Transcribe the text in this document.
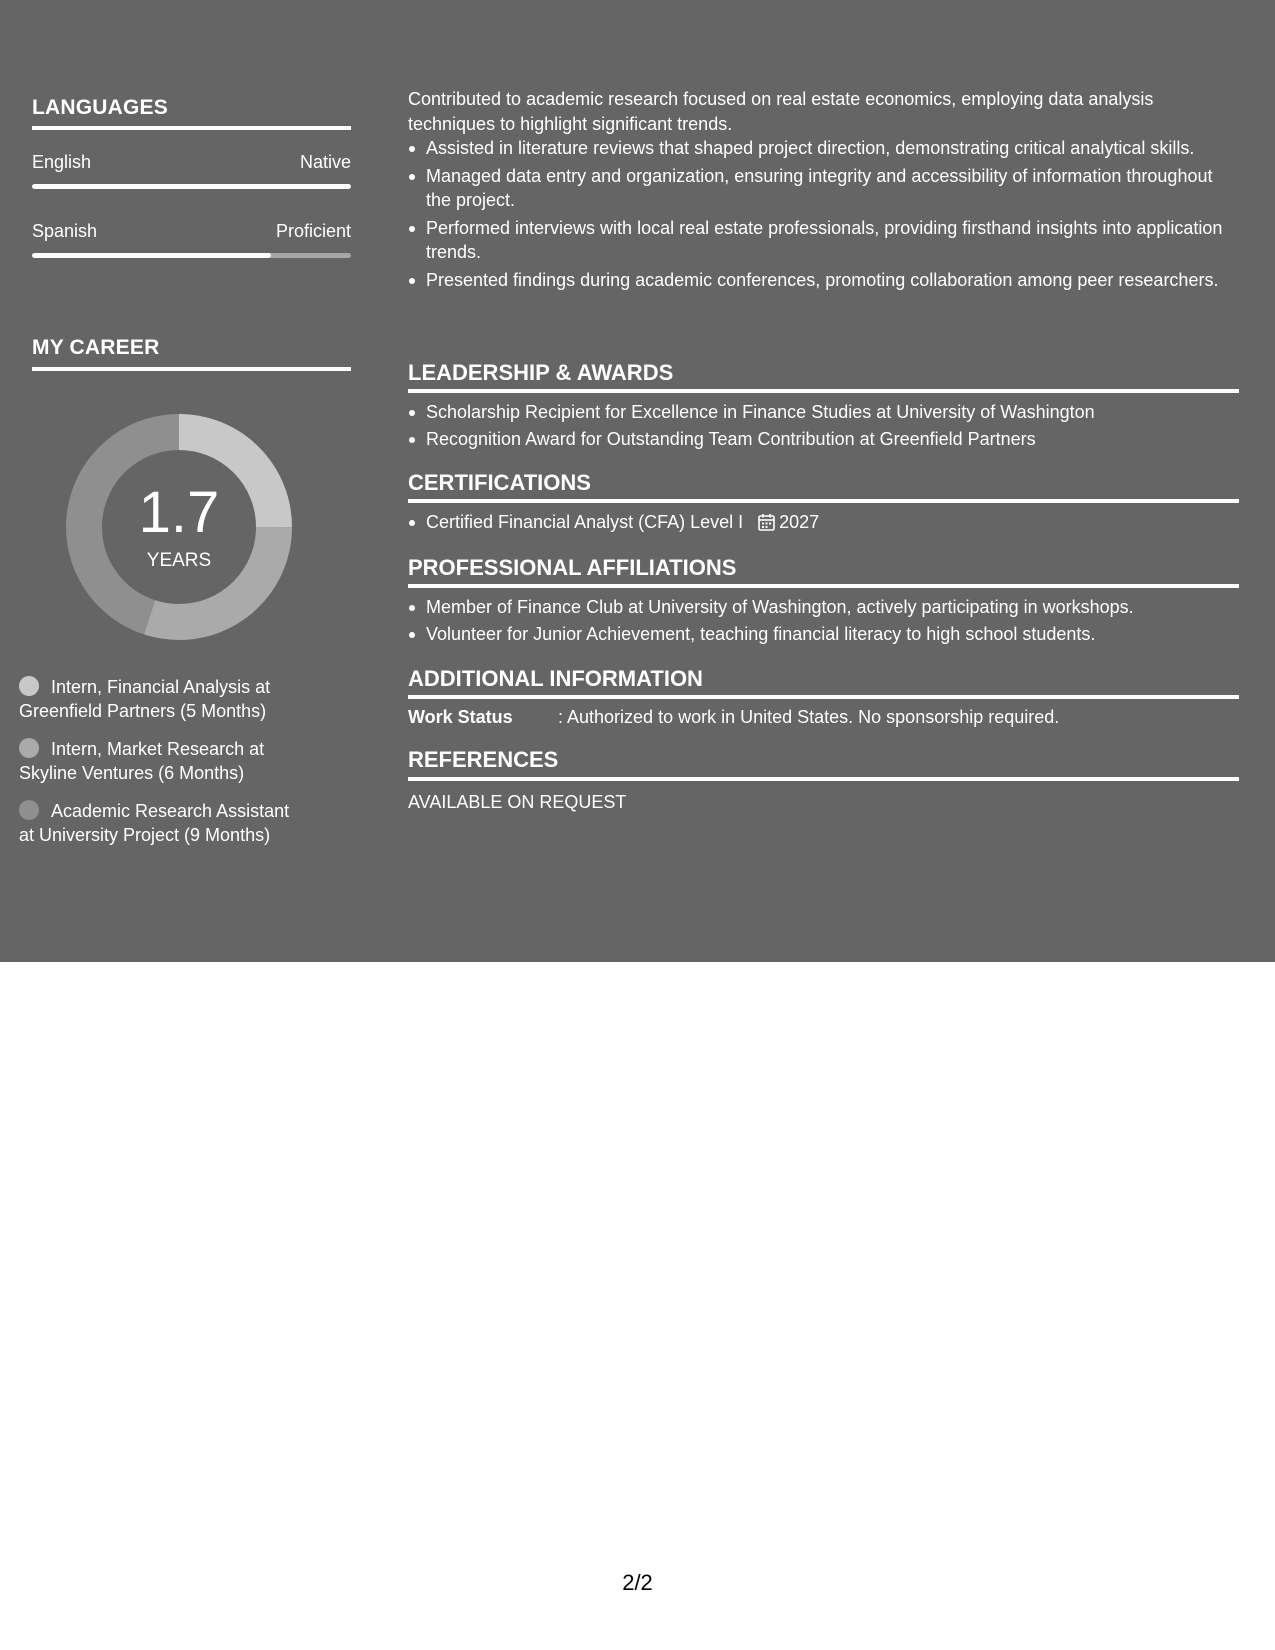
LANGUAGES
English	Native
Spanish	Proficient
MY CAREER
1.7
YEARS
Intern, Financial Analysis at Greenfield Partners (5 Months)
Intern, Market Research at Skyline Ventures (6 Months)
Academic Research Assistant at University Project (9 Months)
Contributed to academic research focused on real estate economics, employing data analysis techniques to highlight significant trends.
Assisted in literature reviews that shaped project direction, demonstrating critical analytical skills.
Managed data entry and organization, ensuring integrity and accessibility of information throughout the project.
Performed interviews with local real estate professionals, providing firsthand insights into application trends.
Presented findings during academic conferences, promoting collaboration among peer researchers.
LEADERSHIP & AWARDS
Scholarship Recipient for Excellence in Finance Studies at University of Washington
Recognition Award for Outstanding Team Contribution at Greenfield Partners
CERTIFICATIONS
Certified Financial Analyst (CFA) Level I 2027
PROFESSIONAL AFFILIATIONS
Member of Finance Club at University of Washington, actively participating in workshops.
Volunteer for Junior Achievement, teaching financial literacy to high school students.
ADDITIONAL INFORMATION
Work Status	: Authorized to work in United States. No sponsorship required.
REFERENCES
AVAILABLE ON REQUEST
2/2
